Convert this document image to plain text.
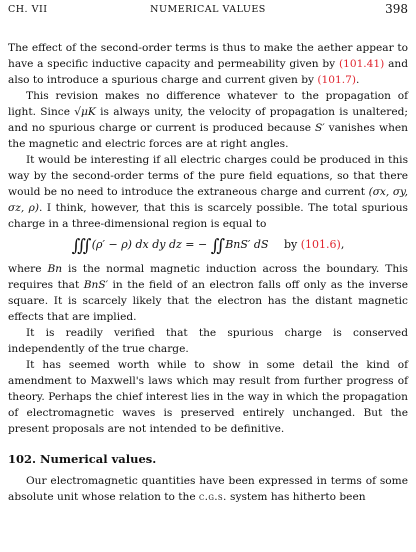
CH. VII	NUMERICAL VALUES	398

The effect of the second-order terms is thus to make the aether appear to have a specific inductive capacity and permeability given by (101.41) and also to introduce a spurious charge and current given by (101.7).

This revision makes no difference whatever to the propagation of light. Since √μK is always unity, the velocity of propagation is unaltered; and no spurious charge or current is produced because S′ vanishes when the magnetic and electric forces are at right angles.

It would be interesting if all electric charges could be produced in this way by the second-order terms of the pure field equations, so that there would be no need to introduce the extraneous charge and current (σx, σy, σz, ρ). I think, however, that this is scarcely possible. The total spurious charge in a three-dimensional region is equal to

∭ (ρ′ − ρ) dx dy dz = − ∬ BnS′ dS by (101.6),

where Bn is the normal magnetic induction across the boundary. This requires that BnS′ in the field of an electron falls off only as the inverse square. It is scarcely likely that the electron has the distant magnetic effects that are implied.

It is readily verified that the spurious charge is conserved independently of the true charge.

It has seemed worth while to show in some detail the kind of amendment to Maxwell's laws which may result from further progress of theory. Perhaps the chief interest lies in the way in which the propagation of electromagnetic waves is preserved entirely unchanged. But the present proposals are not intended to be definitive.

102. Numerical values.

Our electromagnetic quantities have been expressed in terms of some absolute unit whose relation to the c.g.s. system has hitherto been
